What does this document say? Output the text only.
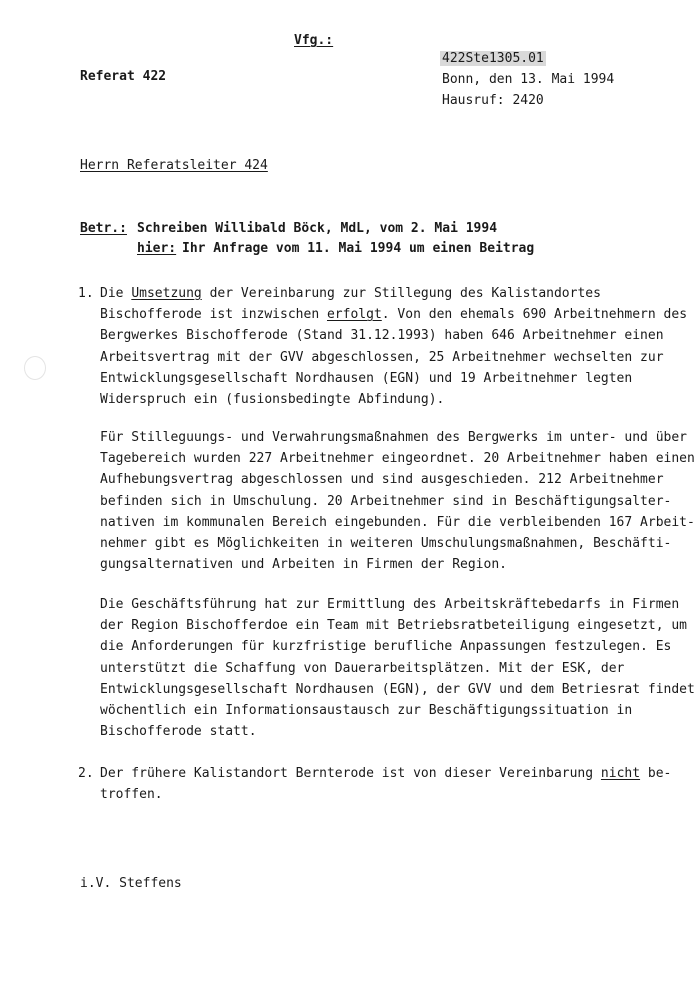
Vfg.:
Referat 422
422Ste1305.01
Bonn, den 13. Mai 1994
Hausruf: 2420
Herrn Referatsleiter 424
Betr.: Schreiben Willibald Böck, MdL, vom 2. Mai 1994
hier: Ihr Anfrage vom 11. Mai 1994 um einen Beitrag
1. Die Umsetzung der Vereinbarung zur Stillegung des Kalistandortes
Bischofferode ist inzwischen erfolgt. Von den ehemals 690 Arbeitnehmern des
Bergwerkes Bischofferode (Stand 31.12.1993) haben 646 Arbeitnehmer einen
Arbeitsvertrag mit der GVV abgeschlossen, 25 Arbeitnehmer wechselten zur
Entwicklungsgesellschaft Nordhausen (EGN) und 19 Arbeitnehmer legten
Widerspruch ein (fusionsbedingte Abfindung).
Für Stilleguungs- und Verwahrungsmaßnahmen des Bergwerks im unter- und über
Tagebereich wurden 227 Arbeitnehmer eingeordnet. 20 Arbeitnehmer haben einen
Aufhebungsvertrag abgeschlossen und sind ausgeschieden. 212 Arbeitnehmer
befinden sich in Umschulung. 20 Arbeitnehmer sind in Beschäftigungsalter-
nativen im kommunalen Bereich eingebunden. Für die verbleibenden 167 Arbeit-
nehmer gibt es Möglichkeiten in weiteren Umschulungsmaßnahmen, Beschäfti-
gungsalternativen und Arbeiten in Firmen der Region.
Die Geschäftsführung hat zur Ermittlung des Arbeitskräftebedarfs in Firmen
der Region Bischofferdoe ein Team mit Betriebsratbeteiligung eingesetzt, um
die Anforderungen für kurzfristige berufliche Anpassungen festzulegen. Es
unterstützt die Schaffung von Dauerarbeitsplätzen. Mit der ESK, der
Entwicklungsgesellschaft Nordhausen (EGN), der GVV und dem Betriesrat findet
wöchentlich ein Informationsaustausch zur Beschäftigungssituation in
Bischofferode statt.
2. Der frühere Kalistandort Bernterode ist von dieser Vereinbarung nicht be-
troffen.
i.V. Steffens
